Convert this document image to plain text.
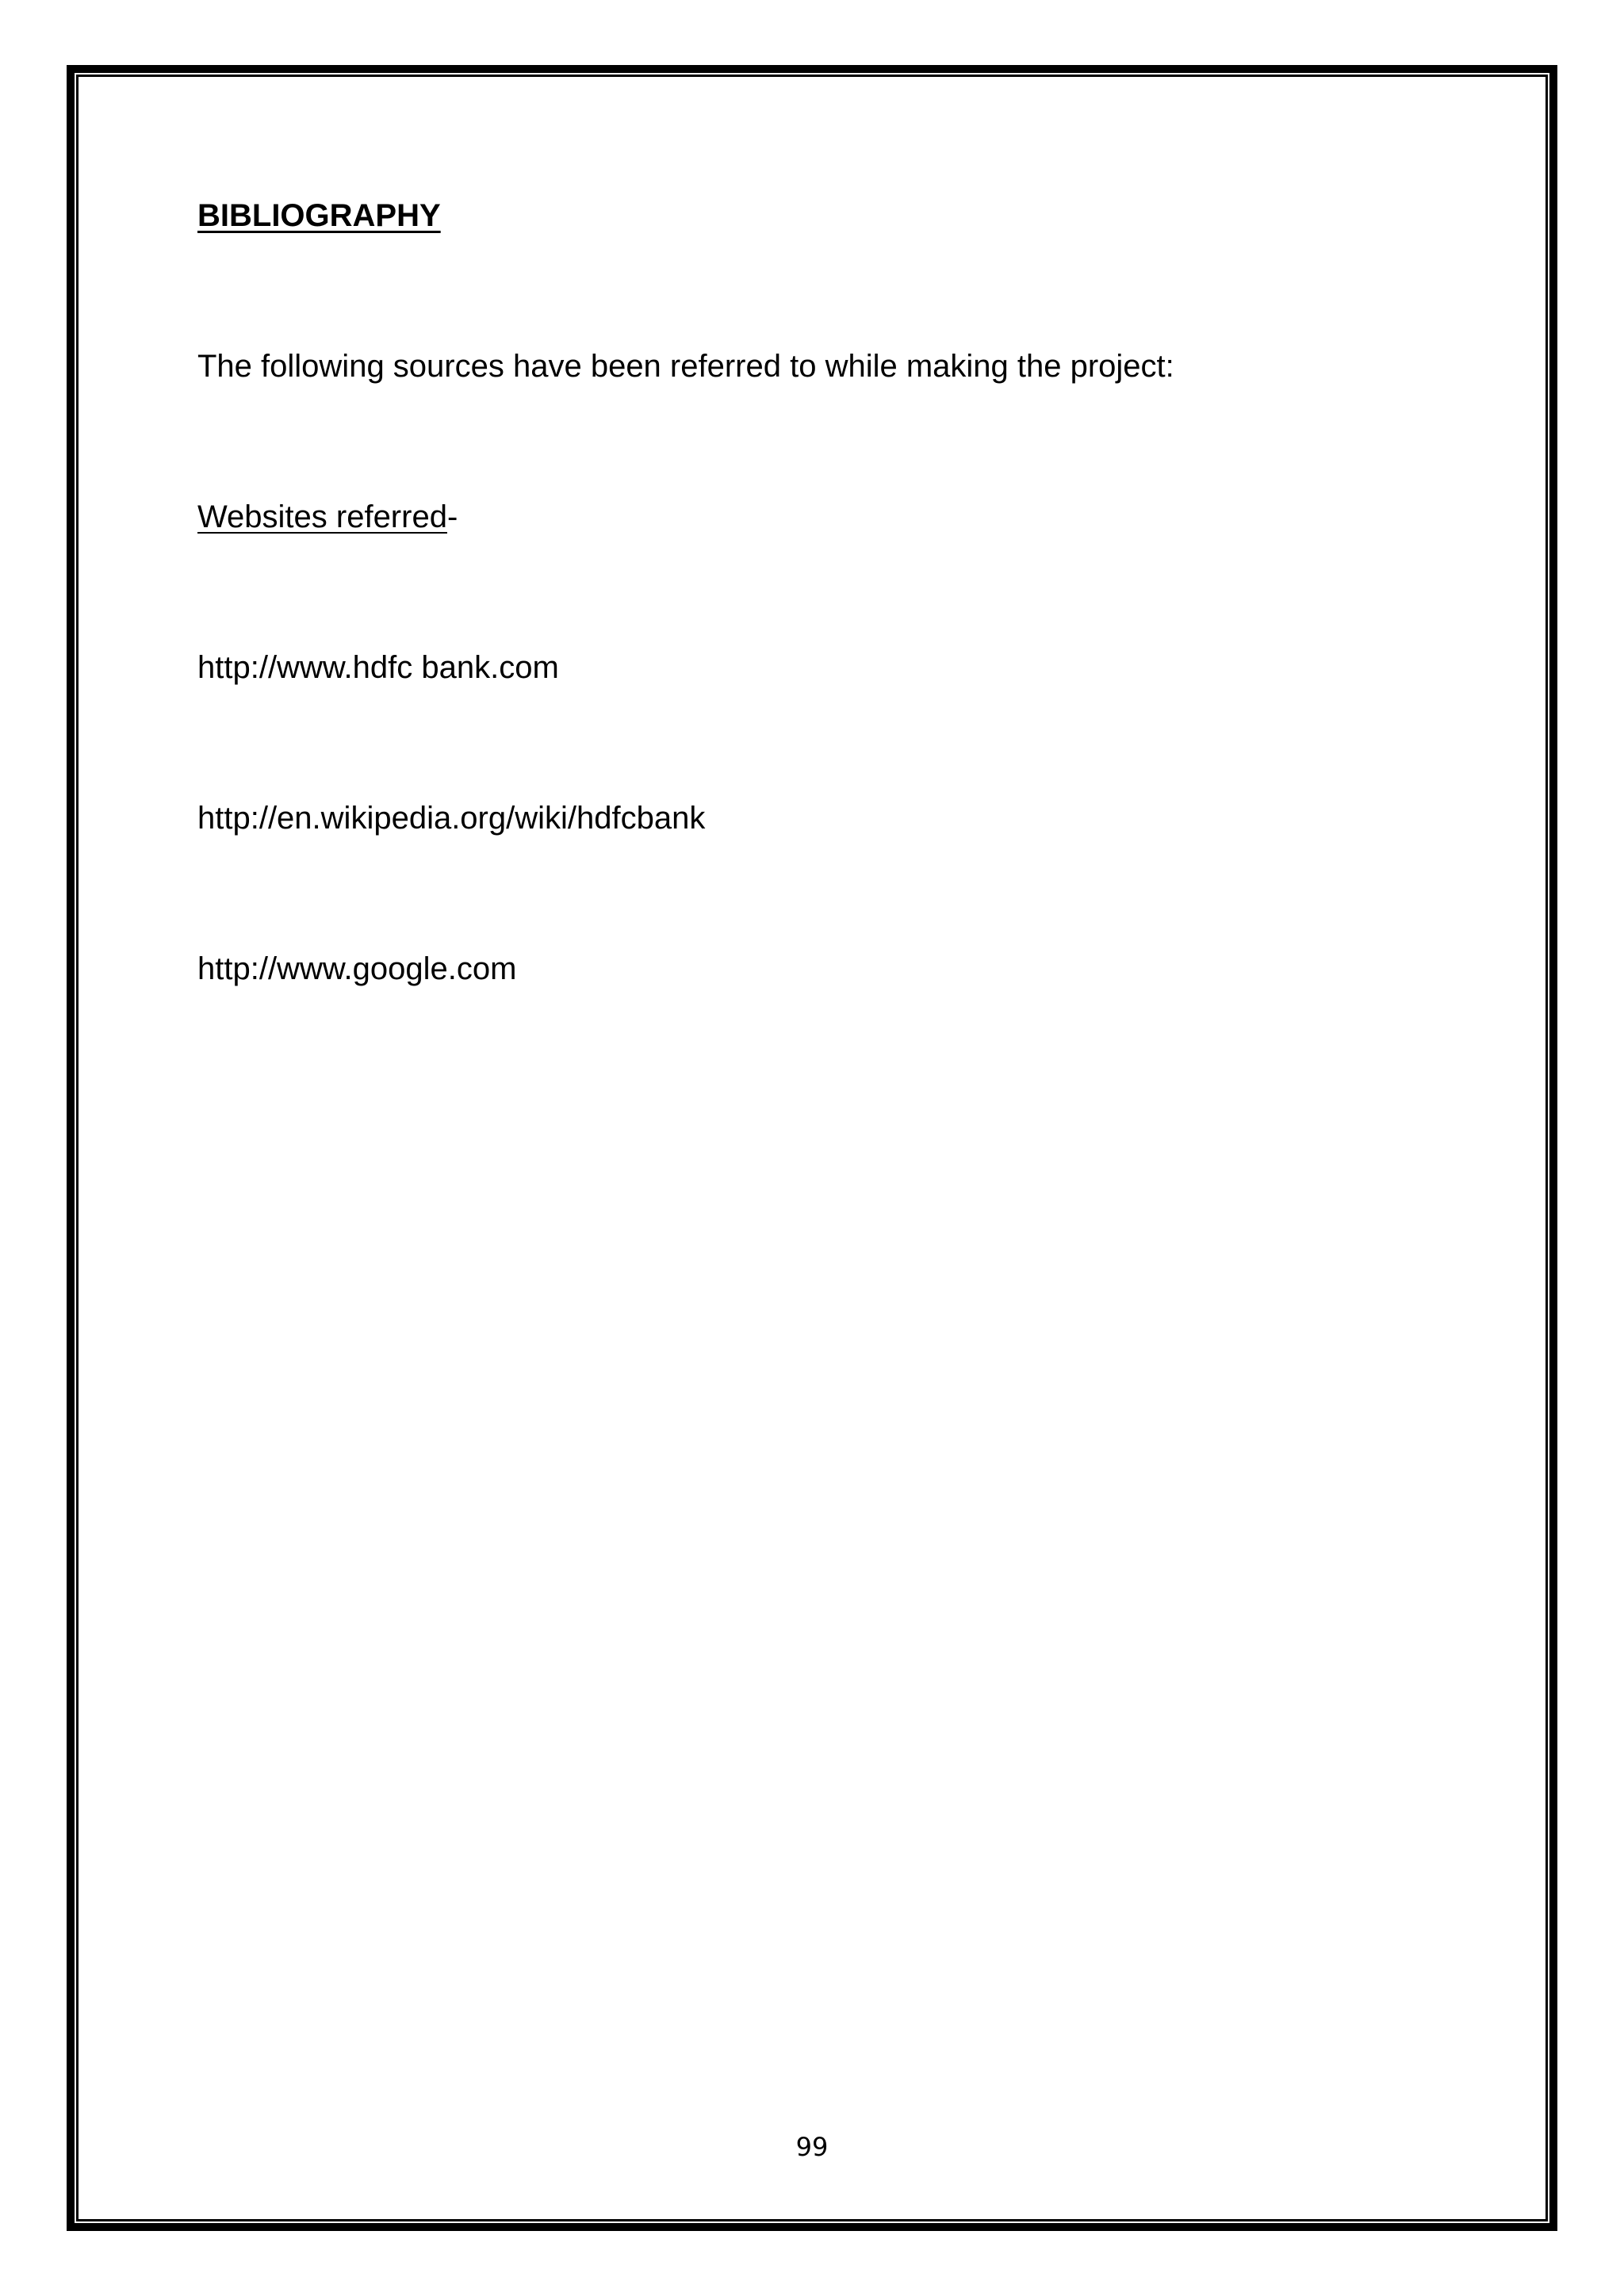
BIBLIOGRAPHY
The following sources have been referred to while making the project:
Websites referred-
http://www.hdfc bank.com
http://en.wikipedia.org/wiki/hdfcbank
http://www.google.com
99
